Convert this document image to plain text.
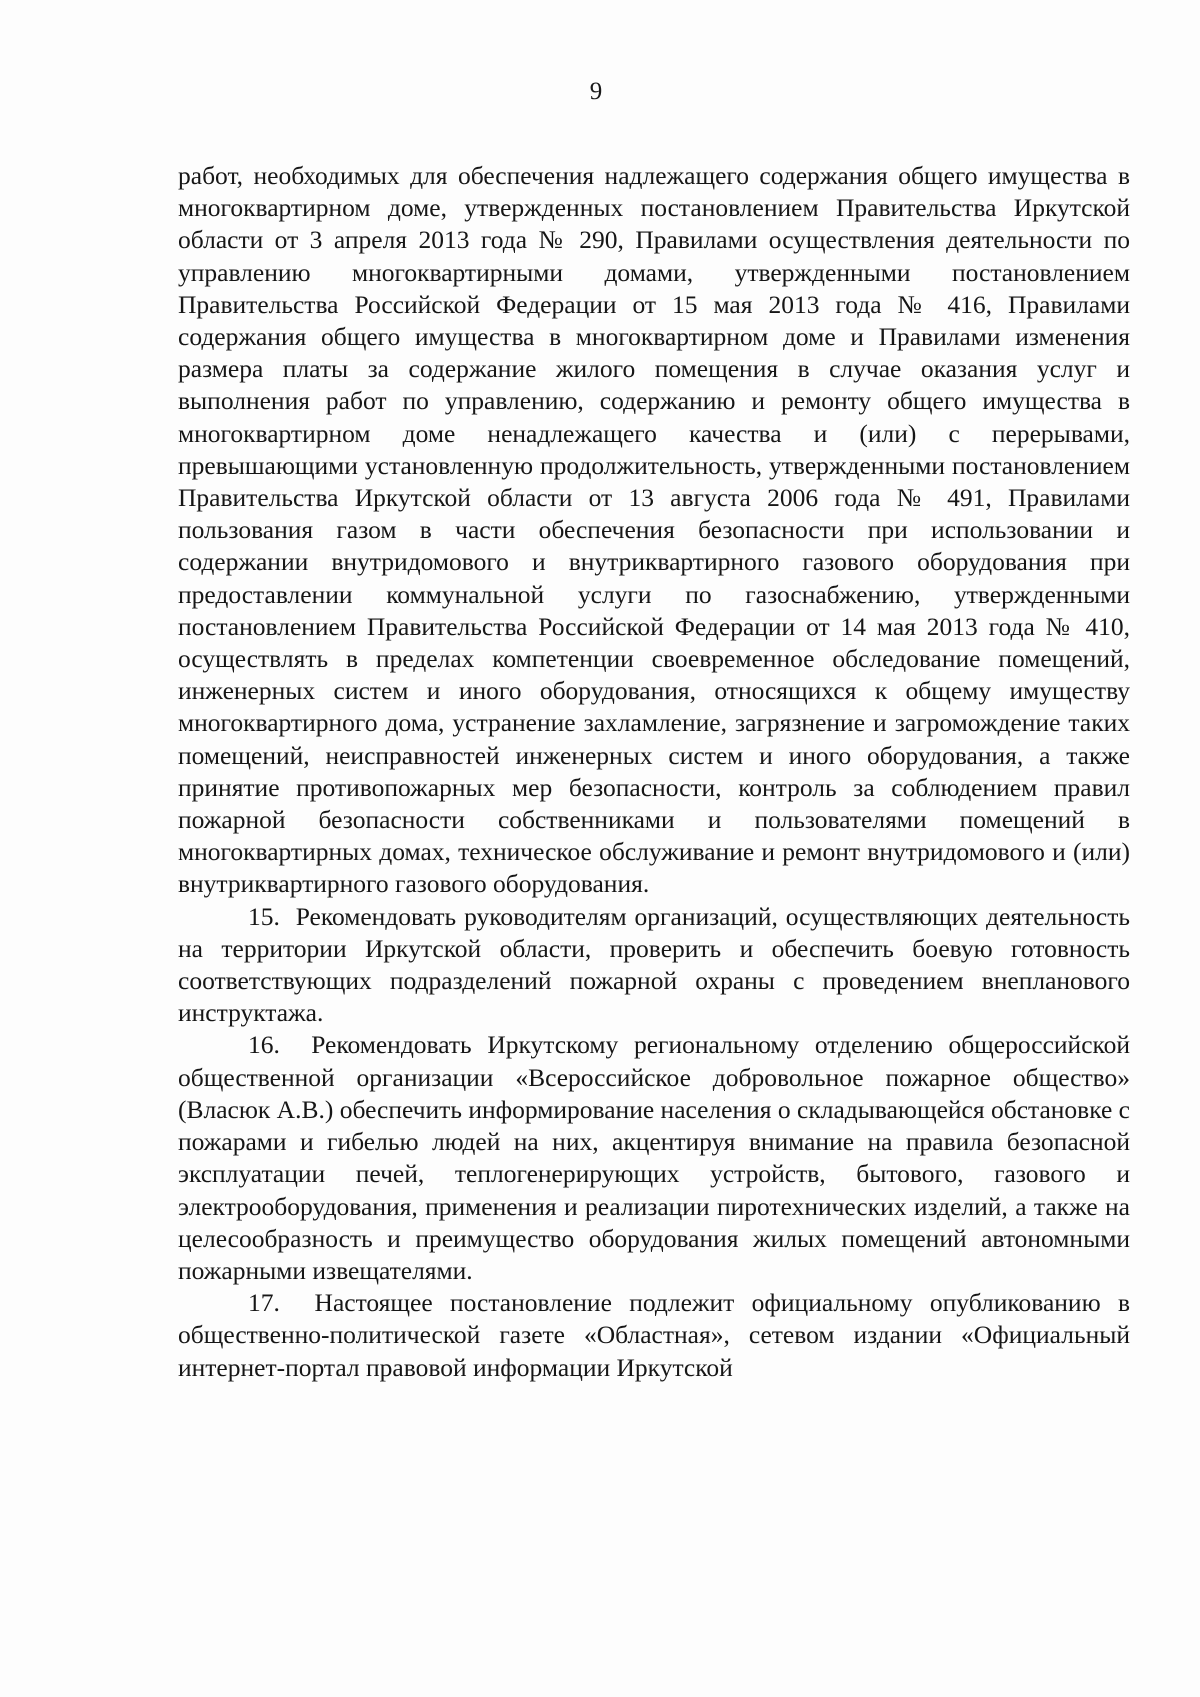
9

работ, необходимых для обеспечения надлежащего содержания общего имущества в многоквартирном доме, утвержденных постановлением Правительства Иркутской области от 3 апреля 2013 года № 290, Правилами осуществления деятельности по управлению многоквартирными домами, утвержденными постановлением Правительства Российской Федерации от 15 мая 2013 года № 416, Правилами содержания общего имущества в многоквартирном доме и Правилами изменения размера платы за содержание жилого помещения в случае оказания услуг и выполнения работ по управлению, содержанию и ремонту общего имущества в многоквартирном доме ненадлежащего качества и (или) с перерывами, превышающими установленную продолжительность, утвержденными постановлением Правительства Иркутской области от 13 августа 2006 года № 491, Правилами пользования газом в части обеспечения безопасности при использовании и содержании внутридомового и внутриквартирного газового оборудования при предоставлении коммунальной услуги по газоснабжению, утвержденными постановлением Правительства Российской Федерации от 14 мая 2013 года № 410, осуществлять в пределах компетенции своевременное обследование помещений, инженерных систем и иного оборудования, относящихся к общему имуществу многоквартирного дома, устранение захламление, загрязнение и загромождение таких помещений, неисправностей инженерных систем и иного оборудования, а также принятие противопожарных мер безопасности, контроль за соблюдением правил пожарной безопасности собственниками и пользователями помещений в многоквартирных домах, техническое обслуживание и ремонт внутридомового и (или) внутриквартирного газового оборудования.

15. Рекомендовать руководителям организаций, осуществляющих деятельность на территории Иркутской области, проверить и обеспечить боевую готовность соответствующих подразделений пожарной охраны с проведением внепланового инструктажа.

16. Рекомендовать Иркутскому региональному отделению общероссийской общественной организации «Всероссийское добровольное пожарное общество» (Власюк А.В.) обеспечить информирование населения о складывающейся обстановке с пожарами и гибелью людей на них, акцентируя внимание на правила безопасной эксплуатации печей, теплогенерирующих устройств, бытового, газового и электрооборудования, применения и реализации пиротехнических изделий, а также на целесообразность и преимущество оборудования жилых помещений автономными пожарными извещателями.

17. Настоящее постановление подлежит официальному опубликованию в общественно-политической газете «Областная», сетевом издании «Официальный интернет-портал правовой информации Иркутской
